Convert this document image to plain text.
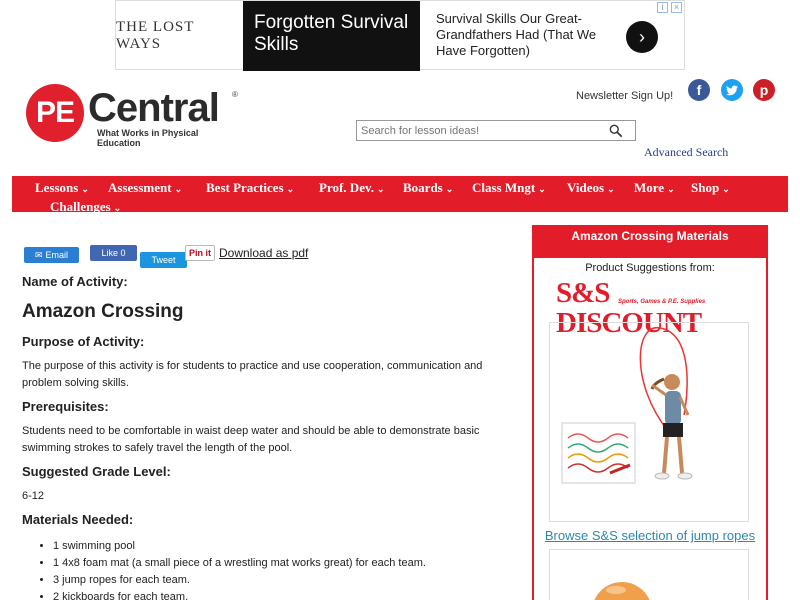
THE LOST WAYS
Forgotten Survival Skills
Survival Skills Our Great-Grandfathers Had (That We Have Forgotten)
›
i	×
PE Central ®
What Works in Physical Education
Newsletter Sign Up!	f	p
Search for lesson ideas!
Advanced Search
Lessons ⌄ Assessment ⌄ Best Practices ⌄ Prof. Dev. ⌄ Boards ⌄ Class Mngt ⌄ Videos ⌄ More ⌄ Shop ⌄
Challenges ⌄
✉ Email	Like 0
Tweet
Pin it Download as pdf
Name of Activity:
Amazon Crossing
Purpose of Activity:
The purpose of this activity is for students to practice and use cooperation, communication and problem solving skills.
Prerequisites:
Students need to be comfortable in waist deep water and should be able to demonstrate basic swimming strokes to safely travel the length of the pool.
Suggested Grade Level:
6-12
Materials Needed:
• 1 swimming pool
• 1 4x8 foam mat (a small piece of a wrestling mat works great) for each team.
• 3 jump ropes for each team.
• 2 kickboards for each team.
Amazon Crossing Materials
Product Suggestions from:
S&S DISCOUNT
Sports, Games & P.E. Supplies
Browse S&S selection of jump ropes
